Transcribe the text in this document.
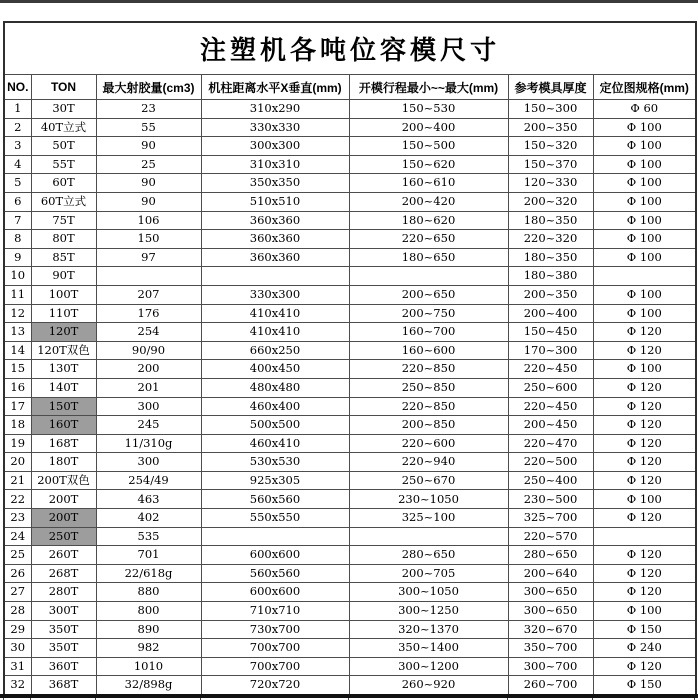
注塑机各吨位容模尺寸						
NO.	TON	最大射胶量(cm3)	机柱距离水平X垂直(mm)	开模行程最小~~最大(mm)	参考模具厚度	定位图规格(mm)
1	30T	23	310x290	150~530	150~300	Φ 60
2	40T立式	55	330x330	200~400	200~350	Φ 100
3	50T	90	300x300	150~500	150~320	Φ 100
4	55T	25	310x310	150~620	150~370	Φ 100
5	60T	90	350x350	160~610	120~330	Φ 100
6	60T立式	90	510x510	200~420	200~320	Φ 100
7	75T	106	360x360	180~620	180~350	Φ 100
8	80T	150	360x360	220~650	220~320	Φ 100
9	85T	97	360x360	180~650	180~350	Φ 100
10	90T				180~380	
11	100T	207	330x300	200~650	200~350	Φ 100
12	110T	176	410x410	200~750	200~400	Φ 100
13	120T	254	410x410	160~700	150~450	Φ 120
14	120T双色	90/90	660x250	160~600	170~300	Φ 120
15	130T	200	400x450	220~850	220~450	Φ 100
16	140T	201	480x480	250~850	250~600	Φ 120
17	150T	300	460x400	220~850	220~450	Φ 120
18	160T	245	500x500	200~850	200~450	Φ 120
19	168T	11/310g	460x410	220~600	220~470	Φ 120
20	180T	300	530x530	220~940	220~500	Φ 120
21	200T双色	254/49	925x305	250~670	250~400	Φ 120
22	200T	463	560x560	230~1050	230~500	Φ 100
23	200T	402	550x550	325~100	325~700	Φ 120
24	250T	535			220~570	
25	260T	701	600x600	280~650	280~650	Φ 120
26	268T	22/618g	560x560	200~705	200~640	Φ 120
27	280T	880	600x600	300~1050	300~650	Φ 120
28	300T	800	710x710	300~1250	300~650	Φ 100
29	350T	890	730x700	320~1370	320~670	Φ 150
30	350T	982	700x700	350~1400	350~700	Φ 240
31	360T	1010	700x700	300~1200	300~700	Φ 120
32	368T	32/898g	720x720	260~920	260~700	Φ 150
